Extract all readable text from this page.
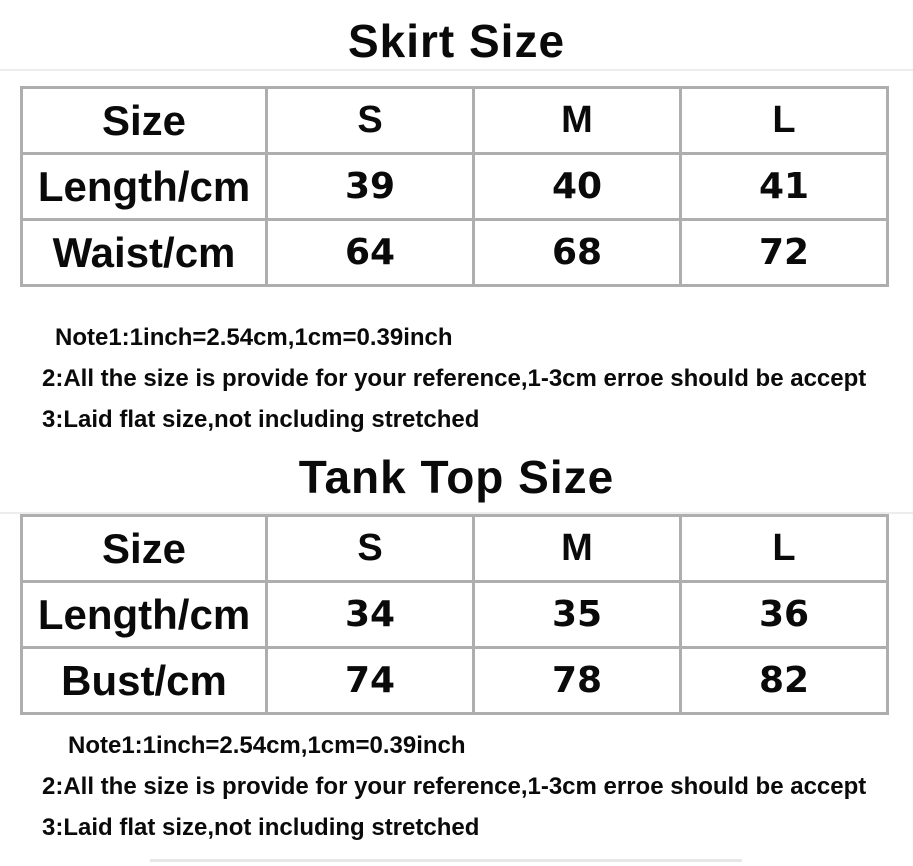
Skirt Size
Size	S	M	L
Length/cm	39	40	41
Waist/cm	64	68	72

Note1:1inch=2.54cm,1cm=0.39inch

2:All the size is provide for your reference,1-3cm erroe should be accept

3:Laid flat size,not including stretched

Tank Top Size
Size	S	M	L
Length/cm	34	35	36
Bust/cm	74	78	82

Note1:1inch=2.54cm,1cm=0.39inch

2:All the size is provide for your reference,1-3cm erroe should be accept

3:Laid flat size,not including stretched
